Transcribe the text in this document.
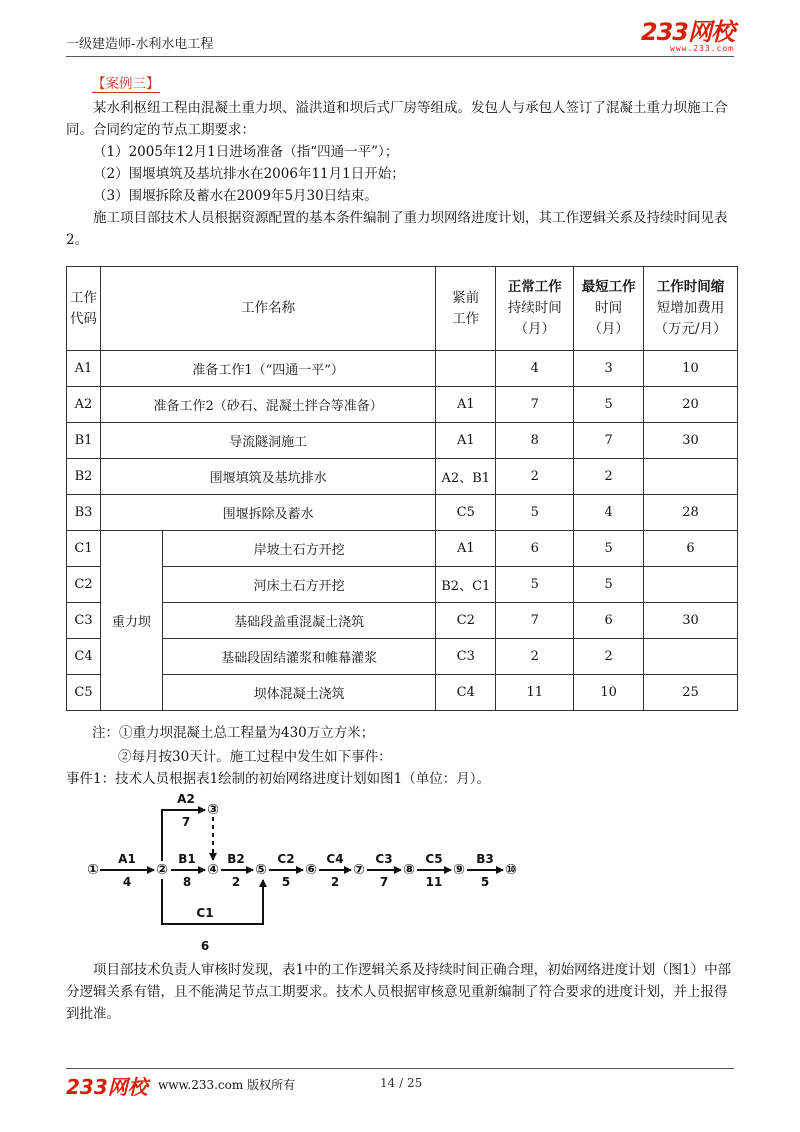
一级建造师-水利水电工程	233网校
www.233.com
【案例三】

某水利枢纽工程由混凝土重力坝、溢洪道和坝后式厂房等组成。发包人与承包人签订了混凝土重力坝施工合同。合同约定的节点工期要求：

（1）2005年12月1日进场准备（指“四通一平”）；

（2）围堰填筑及基坑排水在2006年11月1日开始；

（3）围堰拆除及蓄水在2009年5月30日结束。

施工项目部技术人员根据资源配置的基本条件编制了重力坝网络进度计划，其工作逻辑关系及持续时间见表2。

工作
代码	工作名称		紧前
工作	正常工作
持续时间
（月）	最短工作
时间
（月）	工作时间缩
短增加费用
（万元/月）
A1	准备工作1（“四通一平”）			4	3	10
A2	准备工作2（砂石、混凝土拌合等准备）		A1	7	5	20
B1	导流隧洞施工		A1	8	7	30
B2	围堰填筑及基坑排水		A2、B1	2	2	
B3	围堰拆除及蓄水		C5	5	4	28
C1	重力坝	岸坡土石方开挖	A1	6	5	6
C2		河床土石方开挖	B2、C1	5	5	
C3		基础段盖重混凝土浇筑	C2	7	6	30
C4		基础段固结灌浆和帷幕灌浆	C3	2	2	
C5		坝体混凝土浇筑	C4	11	10	25
注：①重力坝混凝土总工程量为430万立方米；
②每月按30天计。施工过程中发生如下事件：
事件1：技术人员根据表1绘制的初始网络进度计划如图1（单位：月）。
①	②
③
④	⑤	⑥	⑦	⑧	⑨	⑩
A1
4
A2
7
B1
8
B2
2
C2
5
C4
2
C3
7
C5
11
B3
5
C1
6

项目部技术负责人审核时发现，表1中的工作逻辑关系及持续时间正确合理，初始网络进度计划（图1）中部分逻辑关系有错，且不能满足节点工期要求。技术人员根据审核意见重新编制了符合要求的进度计划，并上报得到批准。

233网校 www.233.com 版权所有	14 / 25
